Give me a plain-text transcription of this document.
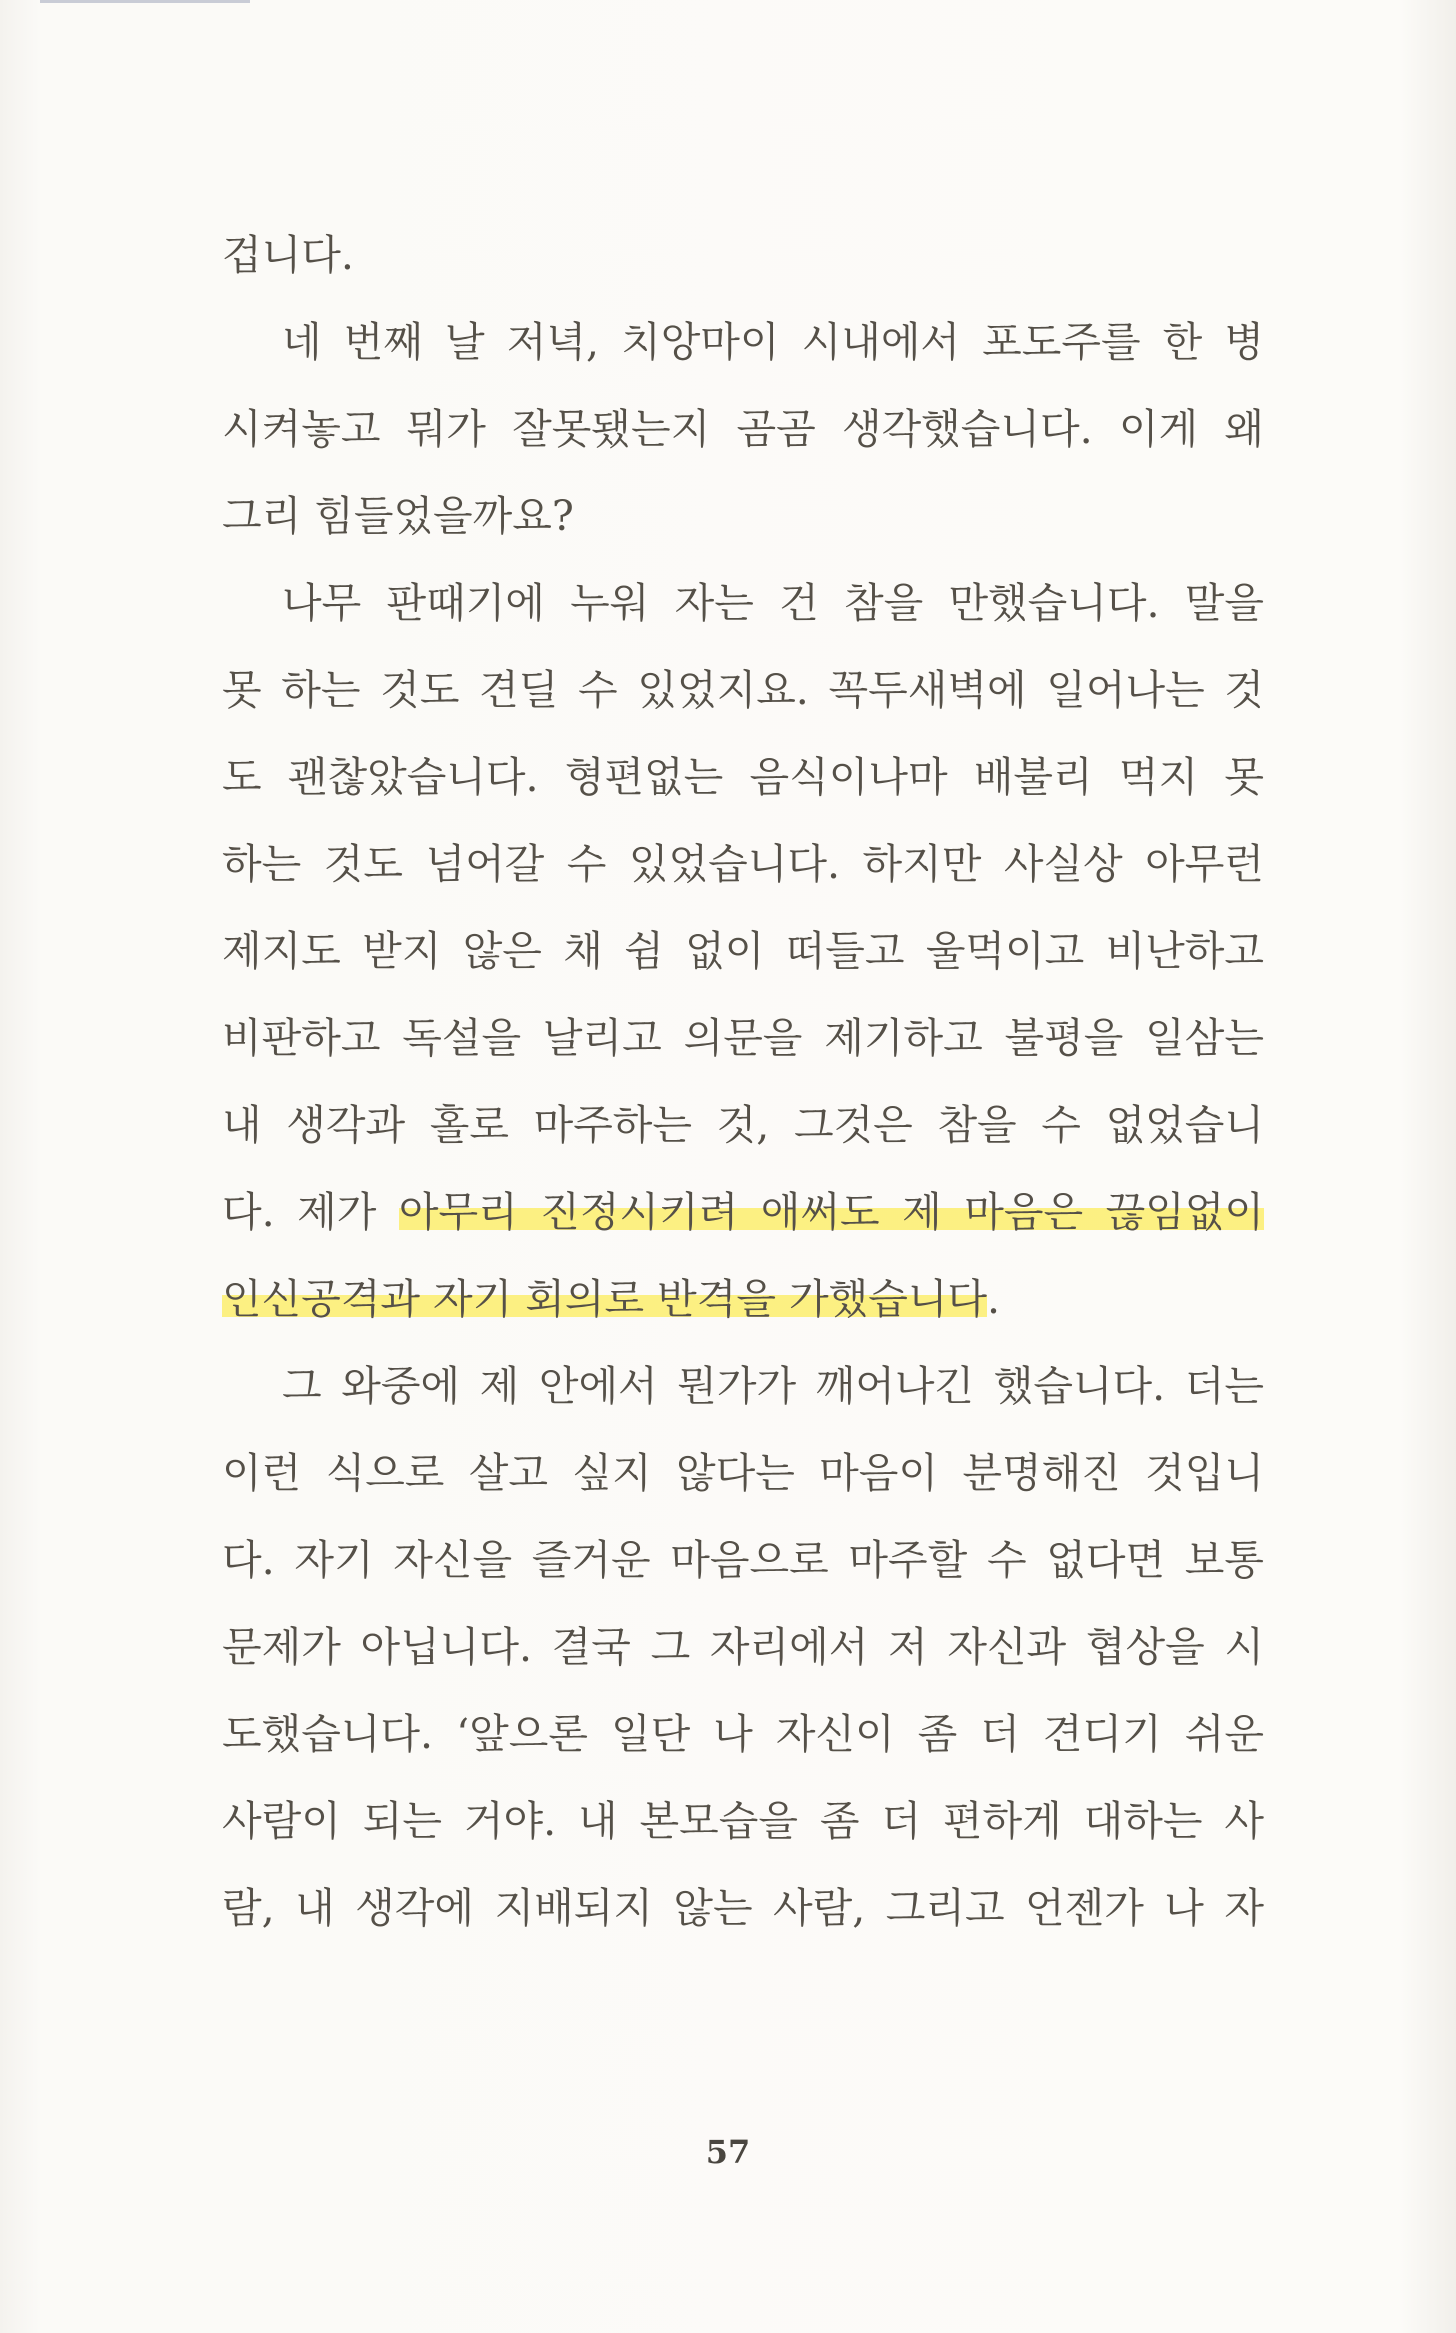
겁니다.
네 번째 날 저녁, 치앙마이 시내에서 포도주를 한 병
시켜놓고 뭐가 잘못됐는지 곰곰 생각했습니다. 이게 왜
그리 힘들었을까요?
나무 판때기에 누워 자는 건 참을 만했습니다. 말을
못 하는 것도 견딜 수 있었지요. 꼭두새벽에 일어나는 것
도 괜찮았습니다. 형편없는 음식이나마 배불리 먹지 못
하는 것도 넘어갈 수 있었습니다. 하지만 사실상 아무런
제지도 받지 않은 채 쉼 없이 떠들고 울먹이고 비난하고
비판하고 독설을 날리고 의문을 제기하고 불평을 일삼는
내 생각과 홀로 마주하는 것, 그것은 참을 수 없었습니
다. 제가 아무리 진정시키려 애써도 제 마음은 끊임없이
인신공격과 자기 회의로 반격을 가했습니다.
그 와중에 제 안에서 뭔가가 깨어나긴 했습니다. 더는
이런 식으로 살고 싶지 않다는 마음이 분명해진 것입니
다. 자기 자신을 즐거운 마음으로 마주할 수 없다면 보통
문제가 아닙니다. 결국 그 자리에서 저 자신과 협상을 시
도했습니다. ‘앞으론 일단 나 자신이 좀 더 견디기 쉬운
사람이 되는 거야. 내 본모습을 좀 더 편하게 대하는 사
람, 내 생각에 지배되지 않는 사람, 그리고 언젠가 나 자
57
